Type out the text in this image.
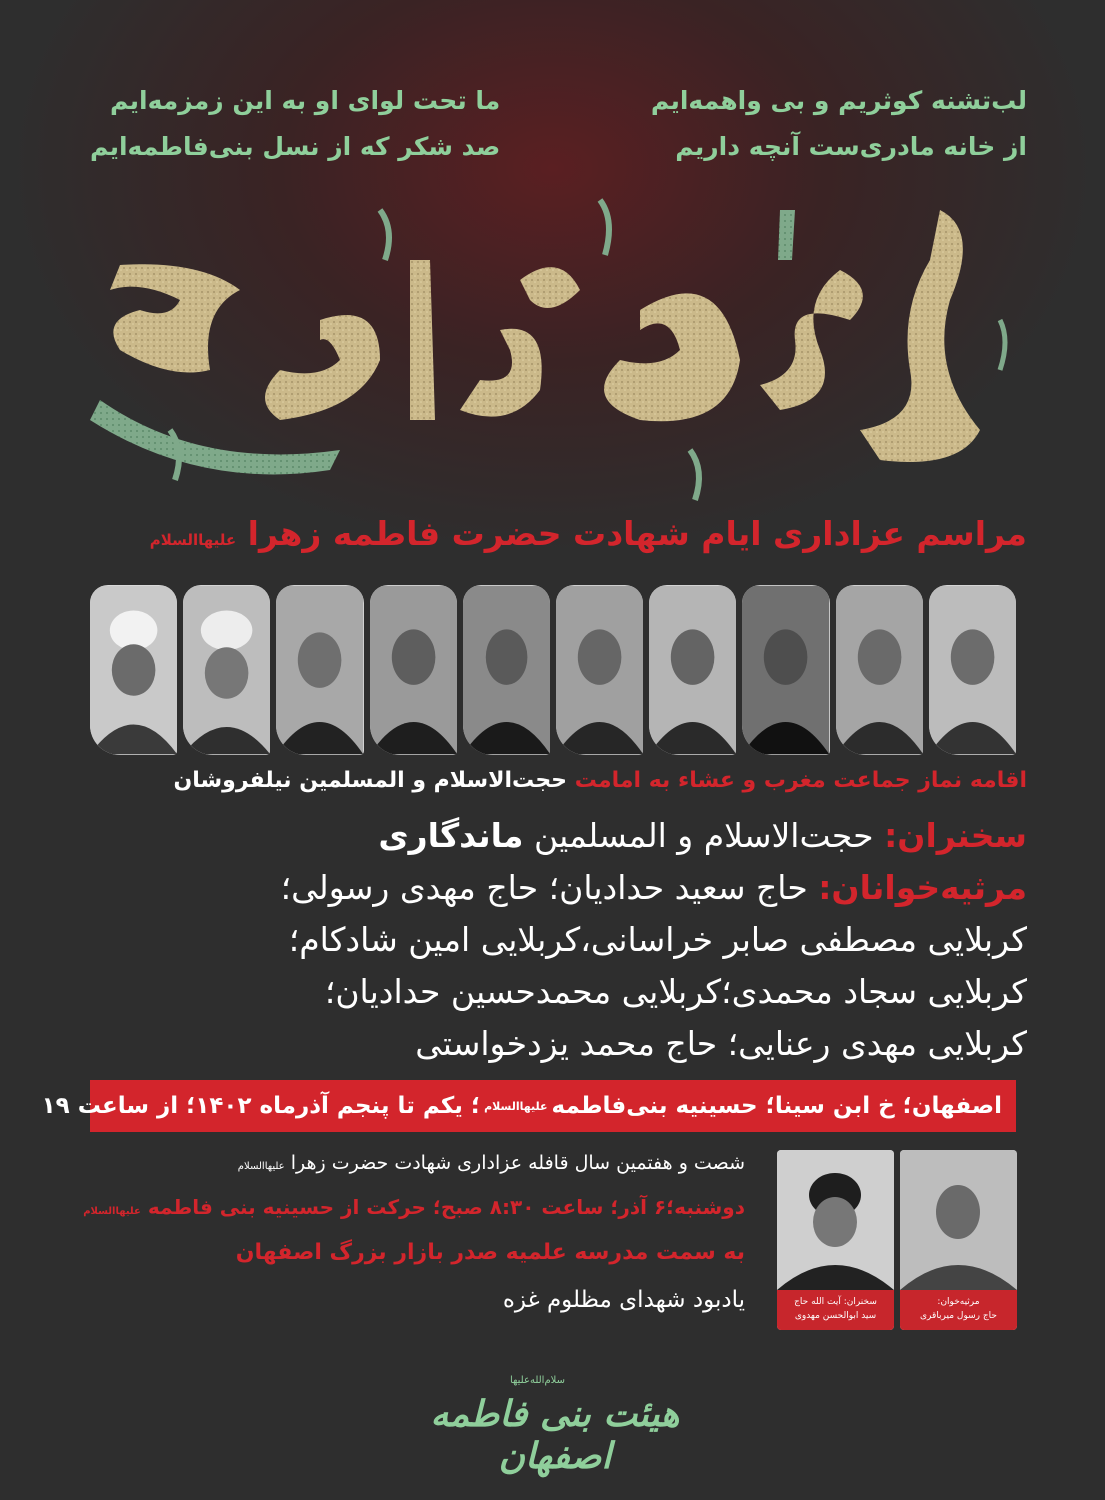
لب‌تشنه کوثریم و بی واهمه‌ایم
از خانه مادری‌ست آنچه داریم
ما تحت لوای او به این زمزمه‌ایم
صد شکر که از نسل بنی‌فاطمه‌ایم
خانه مادری
مراسم عزاداری ایام شهادت حضرت فاطمه زهرا علیهاالسلام
اقامه نماز جماعت مغرب و عشاء به امامت حجت‌الاسلام و المسلمین نیلفروشان
سخنران: حجت‌الاسلام و المسلمین ماندگاری
مرثیه‌خوانان: حاج سعید حدادیان؛ حاج مهدی رسولی؛
کربلایی مصطفی صابر خراسانی،کربلایی امین شادکام؛
کربلایی سجاد محمدی؛کربلایی محمدحسین حدادیان؛
کربلایی مهدی رعنایی؛ حاج محمد یزدخواستی
اصفهان؛ خ ابن سینا؛ حسینیه بنی‌فاطمه
علیهاالسلام
؛ یکم تا پنجم آذرماه ۱۴۰۲؛ از ساعت ۱۹
شصت و هفتمین سال قافله عزاداری شهادت حضرت زهرا علیهاالسلام
دوشنبه؛۶ آذر؛ ساعت ۸:۳۰ صبح؛ حرکت از حسینیه بنی فاطمه علیهاالسلام
به سمت مدرسه علمیه صدر بازار بزرگ اصفهان
یادبود شهدای مظلوم غزه	سخنران: آیت الله حاج
سید ابوالحسن مهدوی
مرثیه‌خوان:
حاج رسول میرباقری
هیئت بنی فاطمه اصفهان
سلام‌الله‌علیها
